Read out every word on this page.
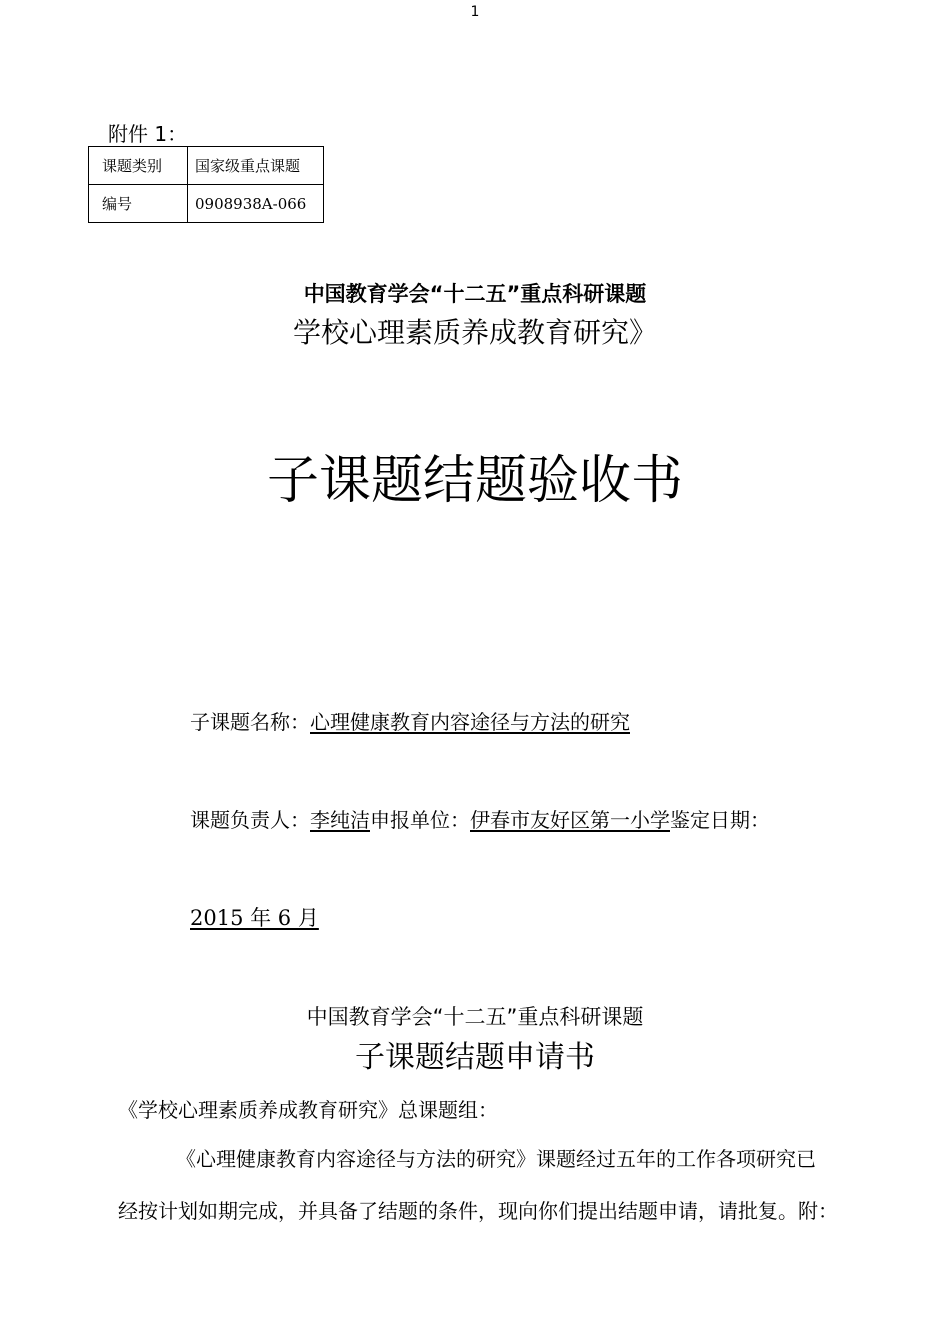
1
附件 1：
课题类别	国家级重点课题
编号	0908938A-066
中国教育学会“十二五”重点科研课题
学校心理素质养成教育研究》
子课题结题验收书
子课题名称：心理健康教育内容途径与方法的研究
课题负责人：李纯洁申报单位：伊春市友好区第一小学鉴定日期：
2015 年 6 月
中国教育学会“十二五”重点科研课题
子课题结题申请书
《学校心理素质养成教育研究》总课题组：
《心理健康教育内容途径与方法的研究》课题经过五年的工作各项研究已
经按计划如期完成，并具备了结题的条件，现向你们提出结题申请，请批复。附：
